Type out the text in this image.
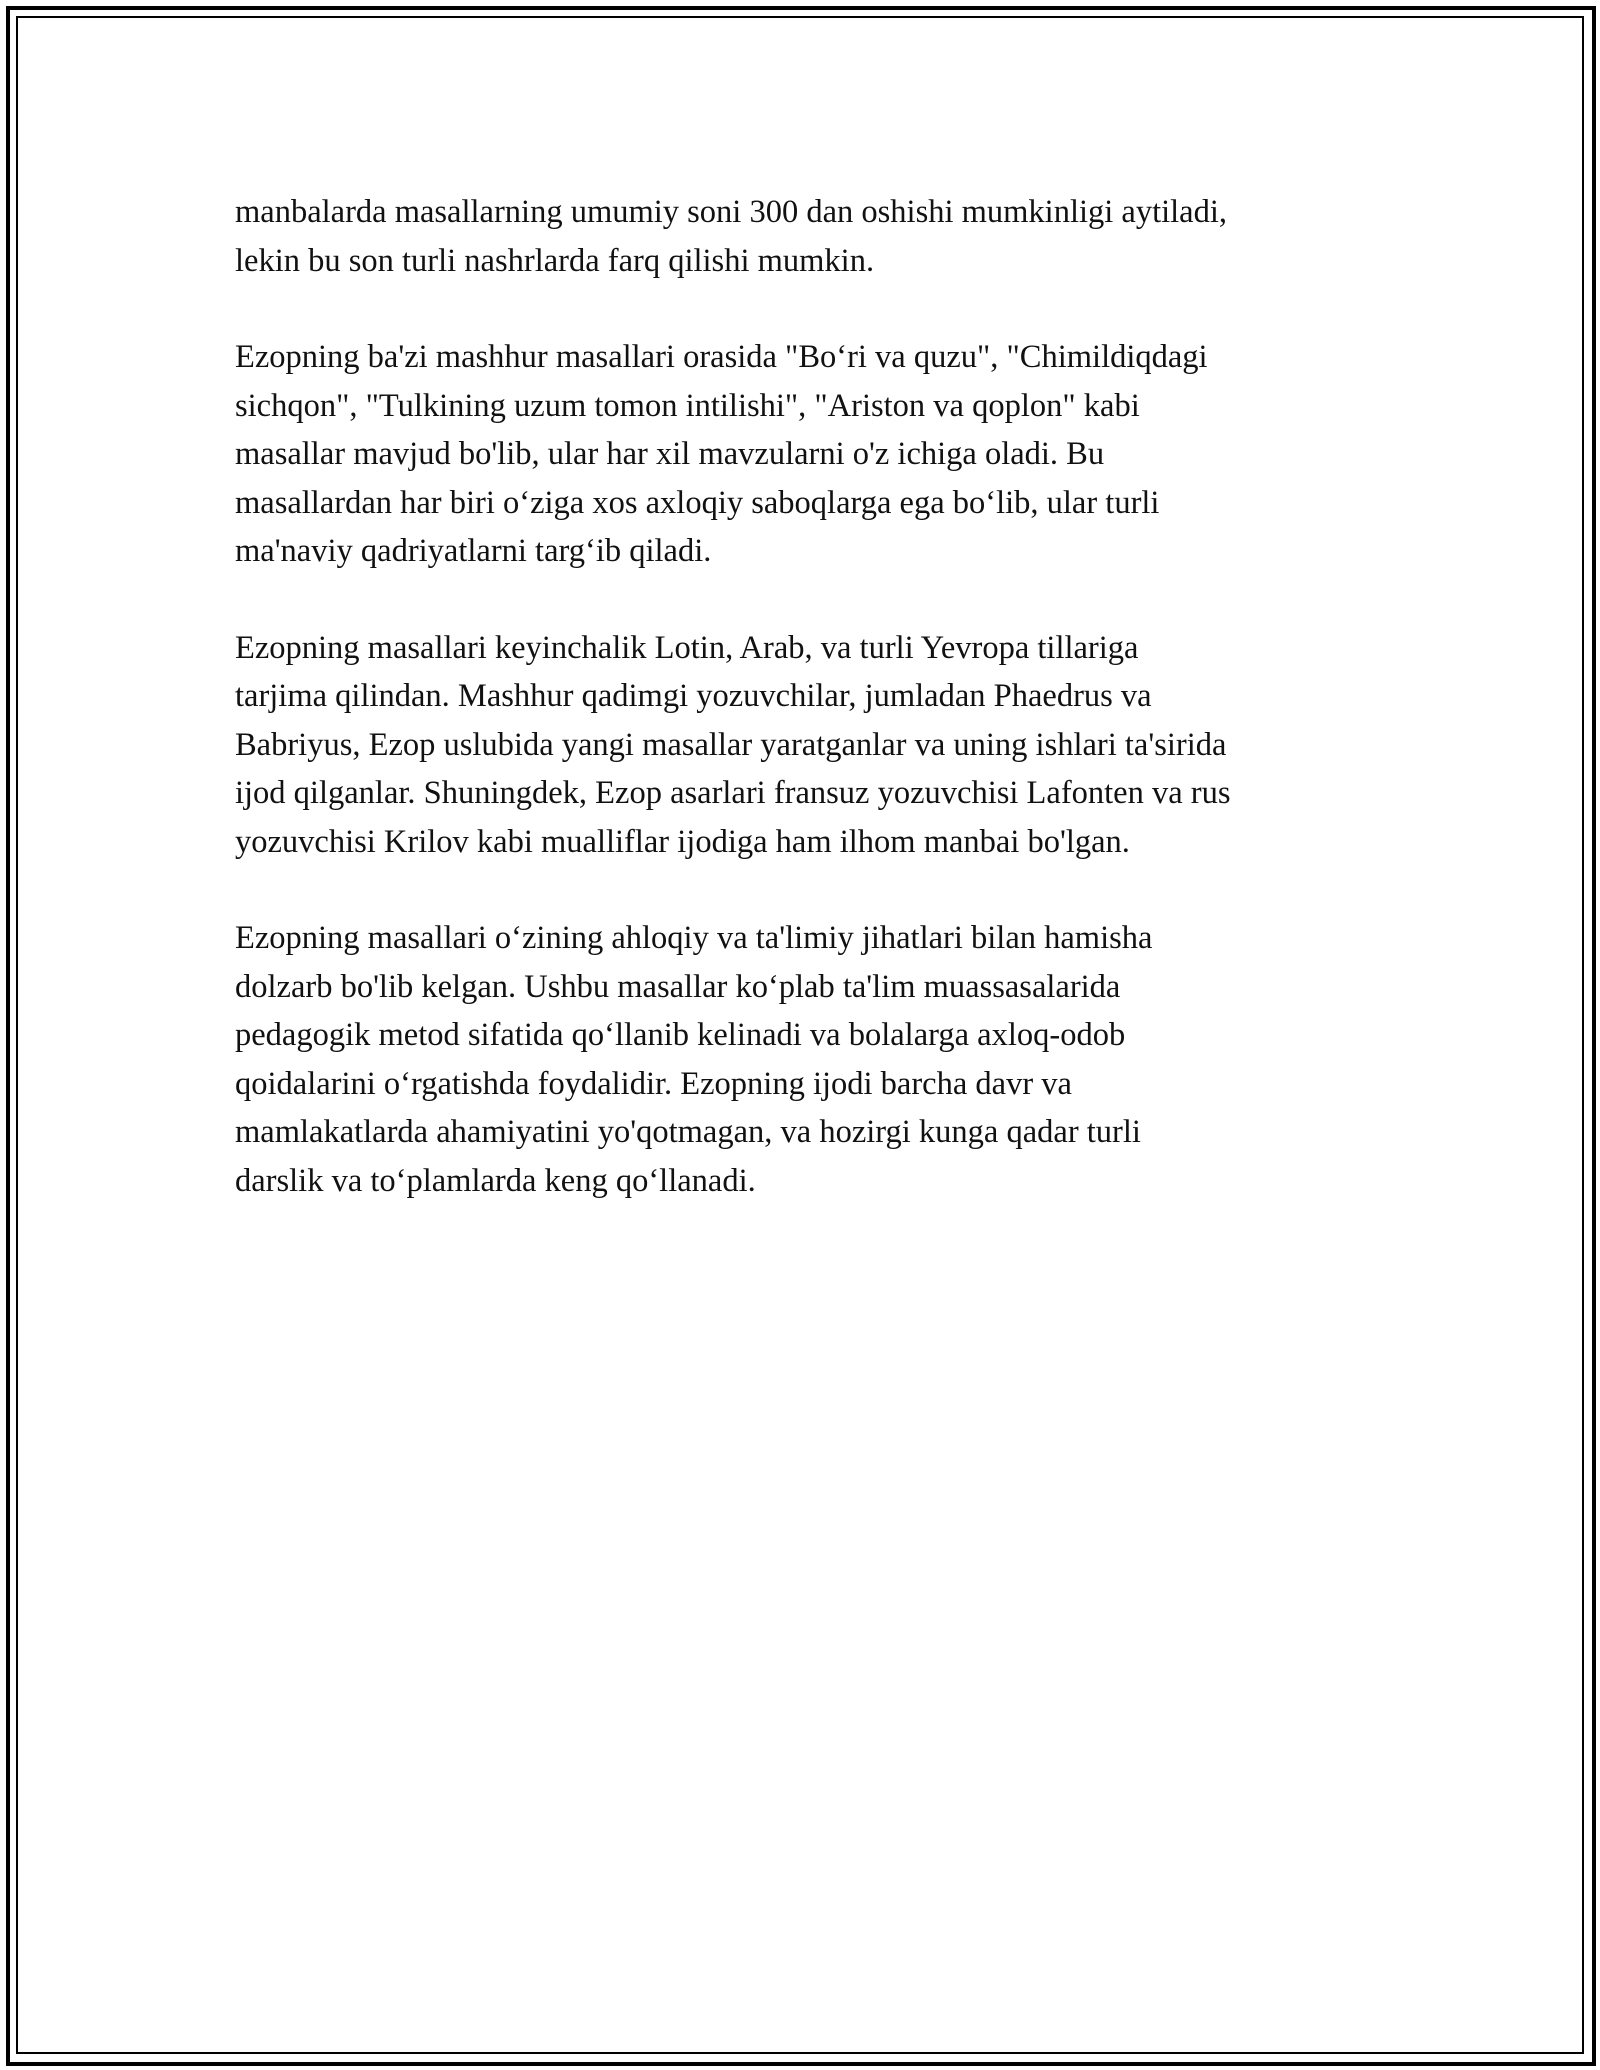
manbalarda masallarning umumiy soni 300 dan oshishi mumkinligi aytiladi,
lekin bu son turli nashrlarda farq qilishi mumkin.

Ezopning ba'zi mashhur masallari orasida "Bo‘ri va quzu", "Chimildiqdagi
sichqon", "Tulkining uzum tomon intilishi", "Ariston va qoplon" kabi
masallar mavjud bo'lib, ular har xil mavzularni o'z ichiga oladi. Bu
masallardan har biri o‘ziga xos axloqiy saboqlarga ega bo‘lib, ular turli
ma'naviy qadriyatlarni targ‘ib qiladi.

Ezopning masallari keyinchalik Lotin, Arab, va turli Yevropa tillariga
tarjima qilindan. Mashhur qadimgi yozuvchilar, jumladan Phaedrus va
Babriyus, Ezop uslubida yangi masallar yaratganlar va uning ishlari ta'sirida
ijod qilganlar. Shuningdek, Ezop asarlari fransuz yozuvchisi Lafonten va rus
yozuvchisi Krilov kabi mualliflar ijodiga ham ilhom manbai bo'lgan.

Ezopning masallari o‘zining ahloqiy va ta'limiy jihatlari bilan hamisha
dolzarb bo'lib kelgan. Ushbu masallar ko‘plab ta'lim muassasalarida
pedagogik metod sifatida qo‘llanib kelinadi va bolalarga axloq-odob
qoidalarini o‘rgatishda foydalidir. Ezopning ijodi barcha davr va
mamlakatlarda ahamiyatini yo'qotmagan, va hozirgi kunga qadar turli
darslik va to‘plamlarda keng qo‘llanadi.
